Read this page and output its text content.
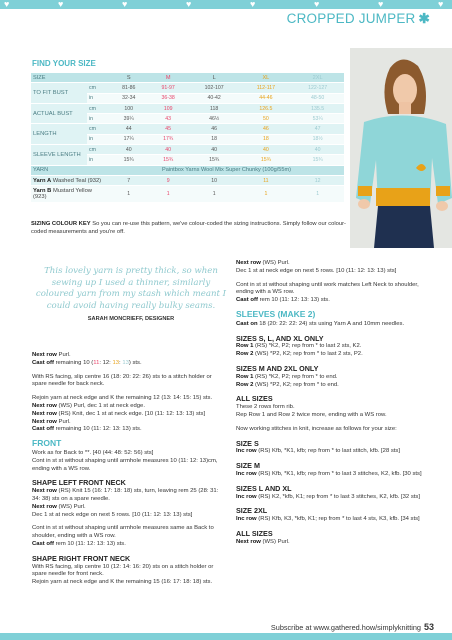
♥	♥	♥	♥	♥	♥	♥	♥
CROPPED JUMPER ✱
FIND YOUR SIZE
SIZE		S	M	L	XL	2XL
TO FIT BUST	cm	81-86	91-97	102-107	112-117	122-127
	in	32-34	36-38	40-42	44-46	48-50
ACTUAL BUST	cm	100	109	118	126.5	135.5
	in	39¼	43	46½	50	53¼
LENGTH	cm	44	45	46	46	47
	in	17¼	17¾	18	18	18½
SLEEVE LENGTH	cm	40	40	40	40	40
	in	15¾	15¾	15¾	15¾	15¾
YARN		Paintbox Yarns Wool Mix Super Chunky (100g/55m)				
Yarn A Washed Teal (932)		7	9	10	11	12
Yarn B Mustard Yellow (923)		1	1	1	1	1
SIZING COLOUR KEY So you can re-use this pattern, we've colour-coded the sizing instructions. Simply follow our colour-coded measurements and you're off.
This lovely yarn is pretty thick, so when sewing up I used a thinner, similarly coloured yarn from my stash which meant I could avoid having really bulky seams.
SARAH MONCRIEFF, DESIGNER
Next row Purl.

Cast off remaining 10 (11: 12: 13: 13) sts.

With RS facing, slip centre 16 (18: 20: 22: 26) sts to a stitch holder or spare needle for back neck.

Rejoin yarn at neck edge and K the remaining 12 (13: 14: 15: 15) sts.
Next row (WS) Purl, dec 1 st at neck edge.
Next row (RS) Knit, dec 1 st at neck edge. [10 (11: 12: 13: 13) sts]
Next row Purl.

Cast off remaining 10 (11: 12: 13: 13) sts.

FRONT
Work as for Back to **. [40 (44: 48: 52: 56) sts]

Cont in st st without shaping until armhole measures 10 (11: 12: 13)cm, ending with a WS row.

SHAPE LEFT FRONT NECK
Next row (RS) Knit 15 (16: 17: 18: 18) sts, turn, leaving rem 25 (28: 31: 34: 38) sts on a spare needle.
Next row (WS) Purl.

Dec 1 st at neck edge on next 5 rows. [10 (11: 12: 13: 13) sts]

Cont in st st without shaping until armhole measures same as Back to shoulder, ending with a WS row.

Cast off rem 10 (11: 12: 13: 13) sts.

SHAPE RIGHT FRONT NECK
With RS facing, slip centre 10 (12: 14: 16: 20) sts on a stitch holder or spare needle for front neck.
Rejoin yarn at neck edge and K the remaining 15 (16: 17: 18: 18) sts.
Next row (WS) Purl.

Dec 1 st at neck edge on next 5 rows. [10 (11: 12: 13: 13) sts]

Cont in st st without shaping until work matches Left Neck to shoulder, ending with a WS row.

Cast off rem 10 (11: 12: 13: 13) sts.

SLEEVES (MAKE 2)

Cast on 18 (20: 22: 22: 24) sts using Yarn A and 10mm needles.

SIZES S, L, AND XL ONLY
Row 1 (RS) *K2, P2; rep from * to last 2 sts, K2.

Row 2 (WS) *P2, K2; rep from * to last 2 sts, P2.

SIZES M AND 2XL ONLY
Row 1 (RS) *K2, P2; rep from * to end.

Row 2 (WS) *P2, K2; rep from * to end.

ALL SIZES
These 2 rows form rib.

Rep Row 1 and Row 2 twice more, ending with a WS row.

Now working stitches in knit, increase as follows for your size:

SIZE S

Inc row (RS) Kfb, *K1, kfb; rep from * to last stitch, kfb. [28 sts]

SIZE M

Inc row (RS) Kfb, *K1, kfb; rep from * to last 3 stitches, K2, kfb. [30 sts]

SIZES L AND XL

Inc row (RS) K2, *kfb, K1; rep from * to last 3 stitches, K2, kfb. [32 sts]

SIZE 2XL

Inc row (RS) Kfb, K3, *kfb, K1; rep from * to last 4 sts, K3, kfb. [34 sts]

ALL SIZES
Next row (WS) Purl.
Subscribe at www.gathered.how/simplyknitting 53
